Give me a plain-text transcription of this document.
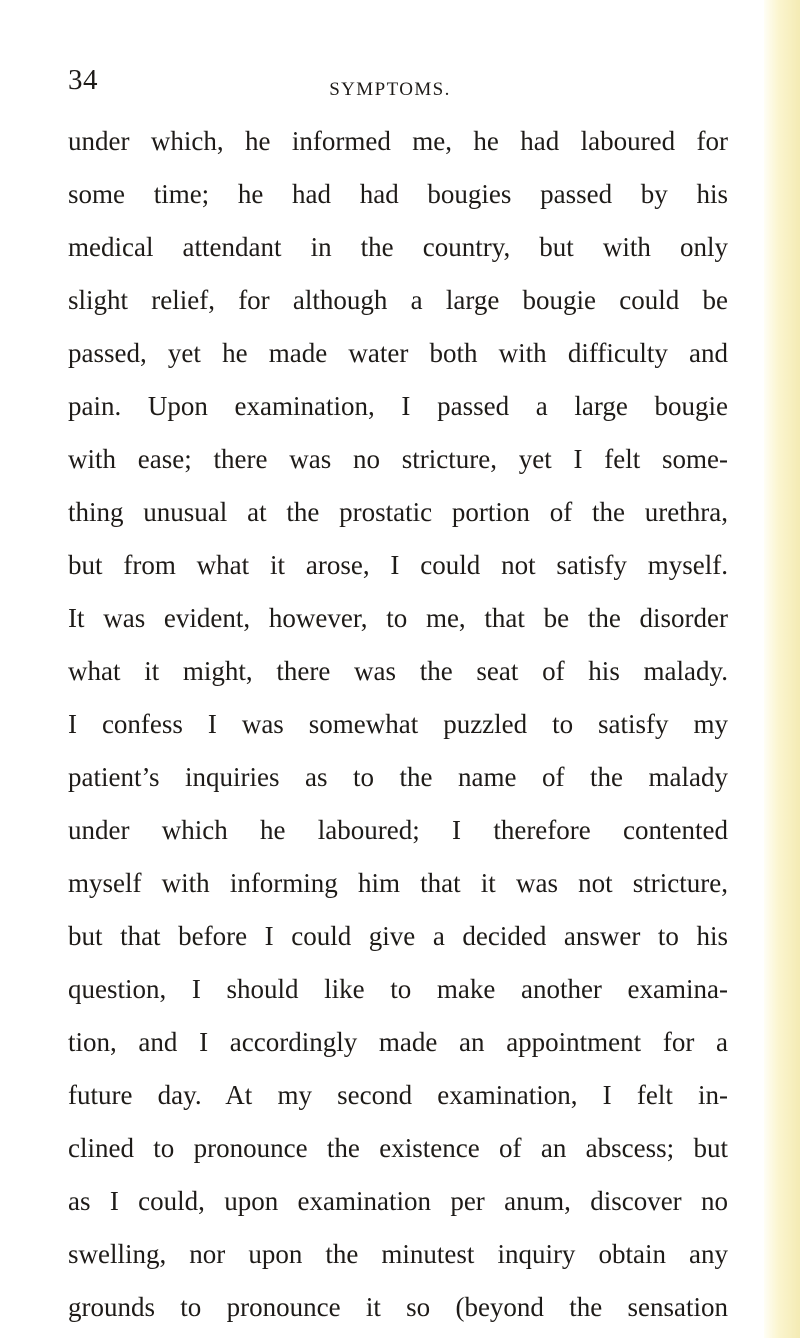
34	SYMPTOMS.
under which, he informed me, he had laboured for
some time; he had had bougies passed by his
medical attendant in the country, but with only
slight relief, for although a large bougie could be
passed, yet he made water both with difficulty and
pain. Upon examination, I passed a large bougie
with ease; there was no stricture, yet I felt some-
thing unusual at the prostatic portion of the urethra,
but from what it arose, I could not satisfy myself.
It was evident, however, to me, that be the disorder
what it might, there was the seat of his malady.
I confess I was somewhat puzzled to satisfy my
patient’s inquiries as to the name of the malady
under which he laboured; I therefore contented
myself with informing him that it was not stricture,
but that before I could give a decided answer to his
question, I should like to make another examina-
tion, and I accordingly made an appointment for a
future day. At my second examination, I felt in-
clined to pronounce the existence of an abscess; but
as I could, upon examination per anum, discover no
swelling, nor upon the minutest inquiry obtain any
grounds to pronounce it so (beyond the sensation
